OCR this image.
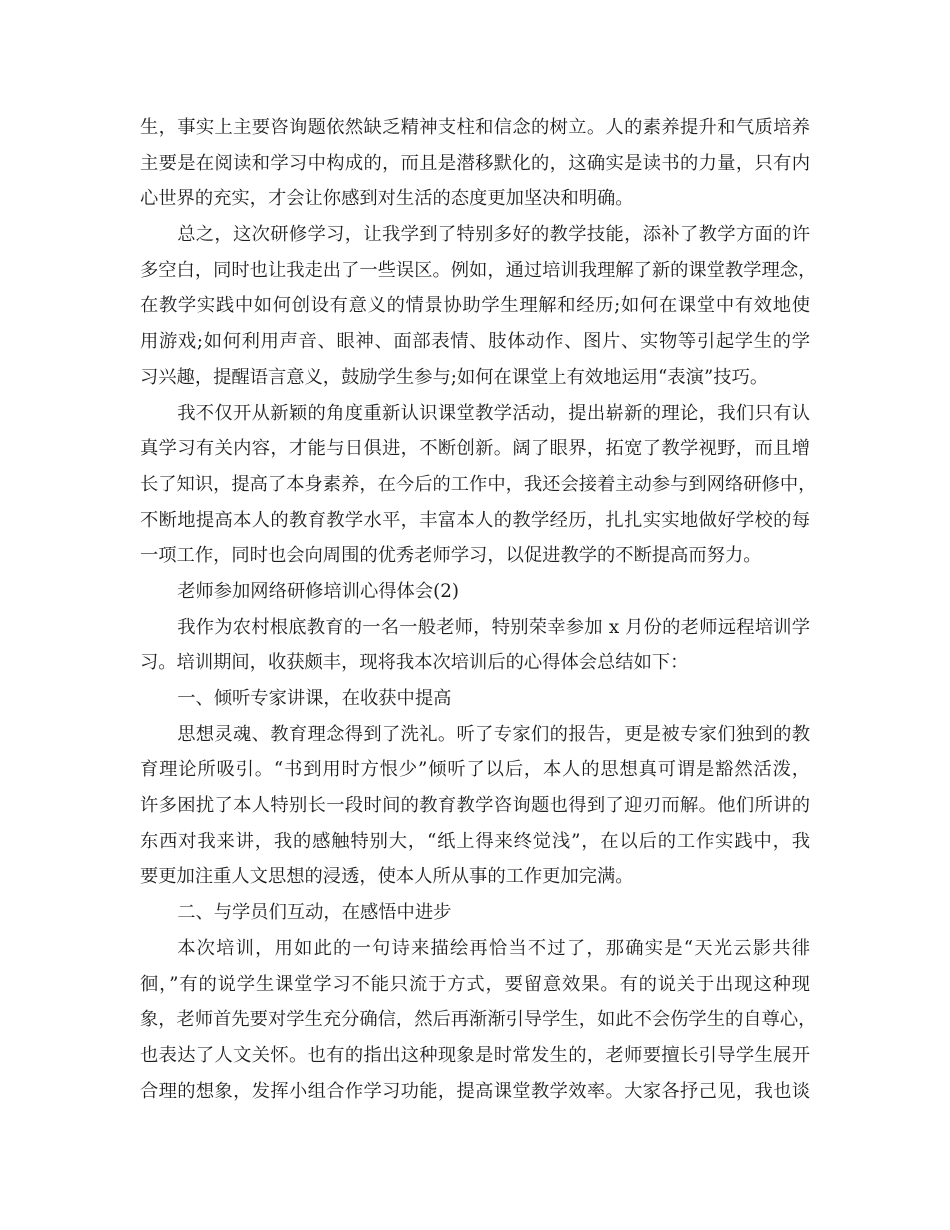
生，事实上主要咨询题依然缺乏精神支柱和信念的树立。人的素养提升和气质培养
主要是在阅读和学习中构成的，而且是潜移默化的，这确实是读书的力量，只有内
心世界的充实，才会让你感到对生活的态度更加坚决和明确。
总之，这次研修学习，让我学到了特别多好的教学技能，添补了教学方面的许
多空白，同时也让我走出了一些误区。例如，通过培训我理解了新的课堂教学理念，
在教学实践中如何创设有意义的情景协助学生理解和经历;如何在课堂中有效地使
用游戏;如何利用声音、眼神、面部表情、肢体动作、图片、实物等引起学生的学
习兴趣，提醒语言意义，鼓励学生参与;如何在课堂上有效地运用“表演”技巧。
我不仅开从新颖的角度重新认识课堂教学活动，提出崭新的理论，我们只有认
真学习有关内容，才能与日俱进，不断创新。阔了眼界，拓宽了教学视野，而且增
长了知识，提高了本身素养，在今后的工作中，我还会接着主动参与到网络研修中，
不断地提高本人的教育教学水平，丰富本人的教学经历，扎扎实实地做好学校的每
一项工作，同时也会向周围的优秀老师学习，以促进教学的不断提高而努力。
老师参加网络研修培训心得体会(2)
我作为农村根底教育的一名一般老师，特别荣幸参加 x 月份的老师远程培训学
习。培训期间，收获颇丰，现将我本次培训后的心得体会总结如下：
一、倾听专家讲课，在收获中提高
思想灵魂、教育理念得到了洗礼。听了专家们的报告，更是被专家们独到的教
育理论所吸引。“书到用时方恨少”倾听了以后，本人的思想真可谓是豁然活泼，
许多困扰了本人特别长一段时间的教育教学咨询题也得到了迎刃而解。他们所讲的
东西对我来讲，我的感触特别大，“纸上得来终觉浅”，在以后的工作实践中，我
要更加注重人文思想的浸透，使本人所从事的工作更加完满。
二、与学员们互动，在感悟中进步
本次培训，用如此的一句诗来描绘再恰当不过了，那确实是“天光云影共徘
徊，”有的说学生课堂学习不能只流于方式，要留意效果。有的说关于出现这种现
象，老师首先要对学生充分确信，然后再渐渐引导学生，如此不会伤学生的自尊心，
也表达了人文关怀。也有的指出这种现象是时常发生的，老师要擅长引导学生展开
合理的想象，发挥小组合作学习功能，提高课堂教学效率。大家各抒己见，我也谈
